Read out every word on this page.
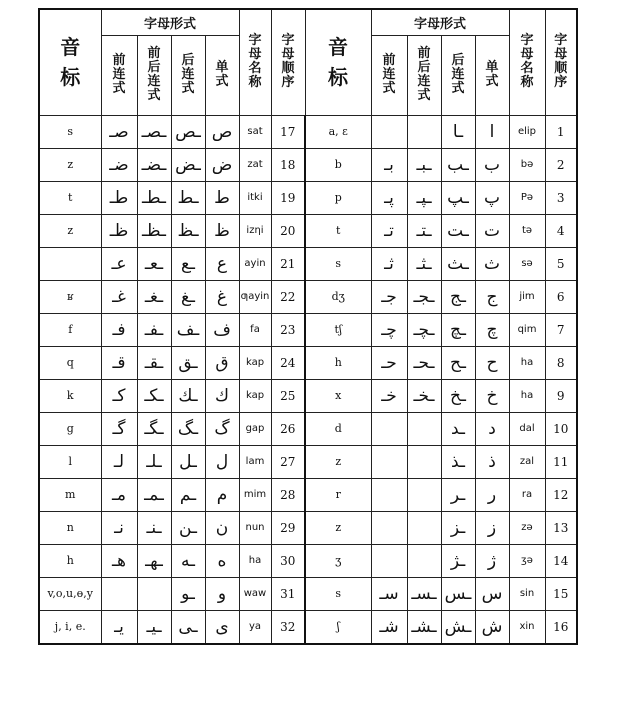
音标	字母形式				字母名称	字母顺序	音标	字母形式				字母名称	字母顺序
	前连式	前后连式	后连式	单式				前连式	前后连式	后连式	单式		
s	صـ	ـصـ	ـص	ص	sat	17	a, ɛ			ـا	ا	elip	1
z	ضـ	ـضـ	ـض	ض	zat	18	b	بـ	ـبـ	ـب	ب	bə	2
t	طـ	ـطـ	ـط	ط	itki	19	p	پـ	ـپـ	ـپ	پ	Pə	3
z	ظـ	ـظـ	ـظ	ظ	izƞi	20	t	تـ	ـتـ	ـت	ت	tə	4
	عـ	ـعـ	ـع	ع	ayin	21	s	ثـ	ـثـ	ـث	ث	sə	5
ʁ	غـ	ـغـ	ـغ	غ	ƣayin	22	dʒ	جـ	ـجـ	ـج	ج	jim	6
f	فـ	ـفـ	ـف	ف	fa	23	tʃ	چـ	ـچـ	ـچ	چ	qim	7
q	قـ	ـقـ	ـق	ق	kap	24	h	حـ	ـحـ	ـح	ح	ha	8
k	كـ	ـكـ	ـك	ك	kap	25	x	خـ	ـخـ	ـخ	خ	ha	9
g	گـ	ـگـ	ـگ	گ	gap	26	d			ـد	د	dal	10
l	لـ	ـلـ	ـل	ل	lam	27	z			ـذ	ذ	zal	11
m	مـ	ـمـ	ـم	م	mim	28	r			ـر	ر	ra	12
n	نـ	ـنـ	ـن	ن	nun	29	z			ـز	ز	zə	13
h	هـ	ـهـ	ـه	ه	ha	30	ʒ			ـژ	ژ	ʒə	14
v,o,u,ɵ,y			ـو	و	waw	31	s	سـ	ـسـ	ـس	س	sin	15
j, i, e.	يـ	ـيـ	ـى	ى	ya	32	ʃ	شـ	ـشـ	ـش	ش	xin	16
